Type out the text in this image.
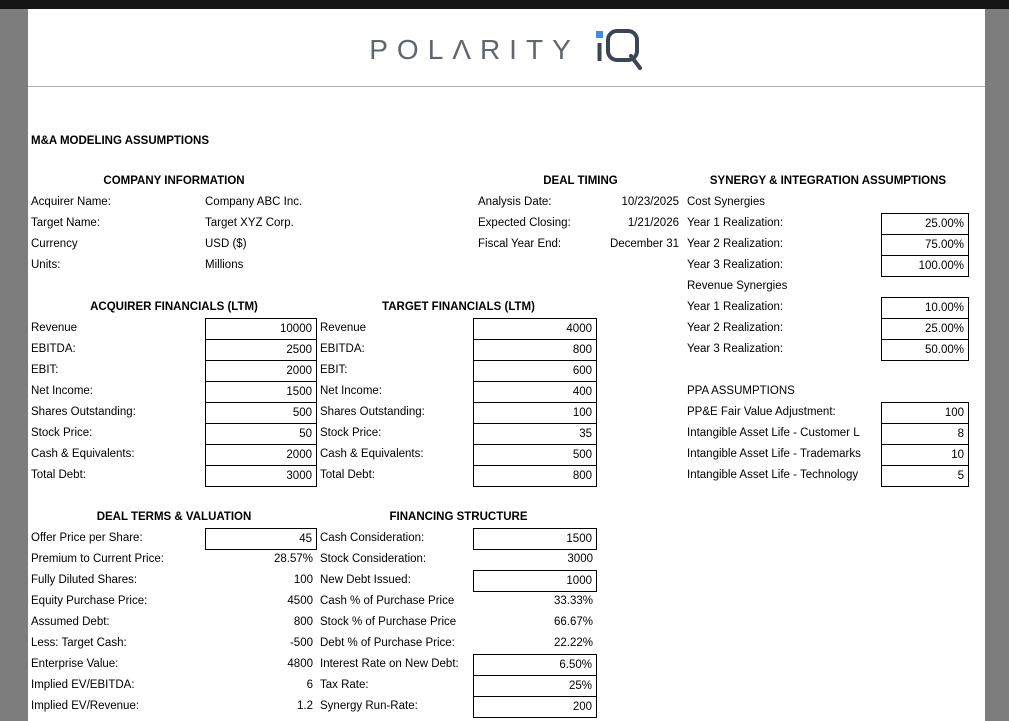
POLΛRITY
M&A MODELING ASSUMPTIONS
COMPANY INFORMATION	DEAL TIMING	SYNERGY & INTEGRATION ASSUMPTIONS
Acquirer Name:	Company ABC Inc.
Target Name:	Target XYZ Corp.
Currency	USD ($)
Units:	Millions
Analysis Date:	10/23/2025
Expected Closing:	1/21/2026
Fiscal Year End:	December 31
Cost Synergies
Year 1 Realization:	25.00%
Year 2 Realization:	75.00%
Year 3 Realization:	100.00%
Revenue Synergies
Year 1 Realization:	10.00%
Year 2 Realization:	25.00%
Year 3 Realization:	50.00%
PPA ASSUMPTIONS
PP&E Fair Value Adjustment:	100
Intangible Asset Life - Customer L	8
Intangible Asset Life - Trademarks	10
Intangible Asset Life - Technology	5
ACQUIRER FINANCIALS (LTM)	TARGET FINANCIALS (LTM)
Revenue	10000
EBITDA:	2500
EBIT:	2000
Net Income:	1500
Shares Outstanding:	500
Stock Price:	50
Cash & Equivalents:	2000
Total Debt:	3000
Revenue	4000
EBITDA:	800
EBIT:	600
Net Income:	400
Shares Outstanding:	100
Stock Price:	35
Cash & Equivalents:	500
Total Debt:	800
DEAL TERMS & VALUATION	FINANCING STRUCTURE
Offer Price per Share:	45
Premium to Current Price:	28.57%
Fully Diluted Shares:	100
Equity Purchase Price:	4500
Assumed Debt:	800
Less: Target Cash:	-500
Enterprise Value:	4800
Implied EV/EBITDA:	6
Implied EV/Revenue:	1.2
Cash Consideration:	1500
Stock Consideration:	3000
New Debt Issued:	1000
Cash % of Purchase Price	33.33%
Stock % of Purchase Price	66.67%
Debt % of Purchase Price:	22.22%
Interest Rate on New Debt:	6.50%
Tax Rate:	25%
Synergy Run-Rate:	200
